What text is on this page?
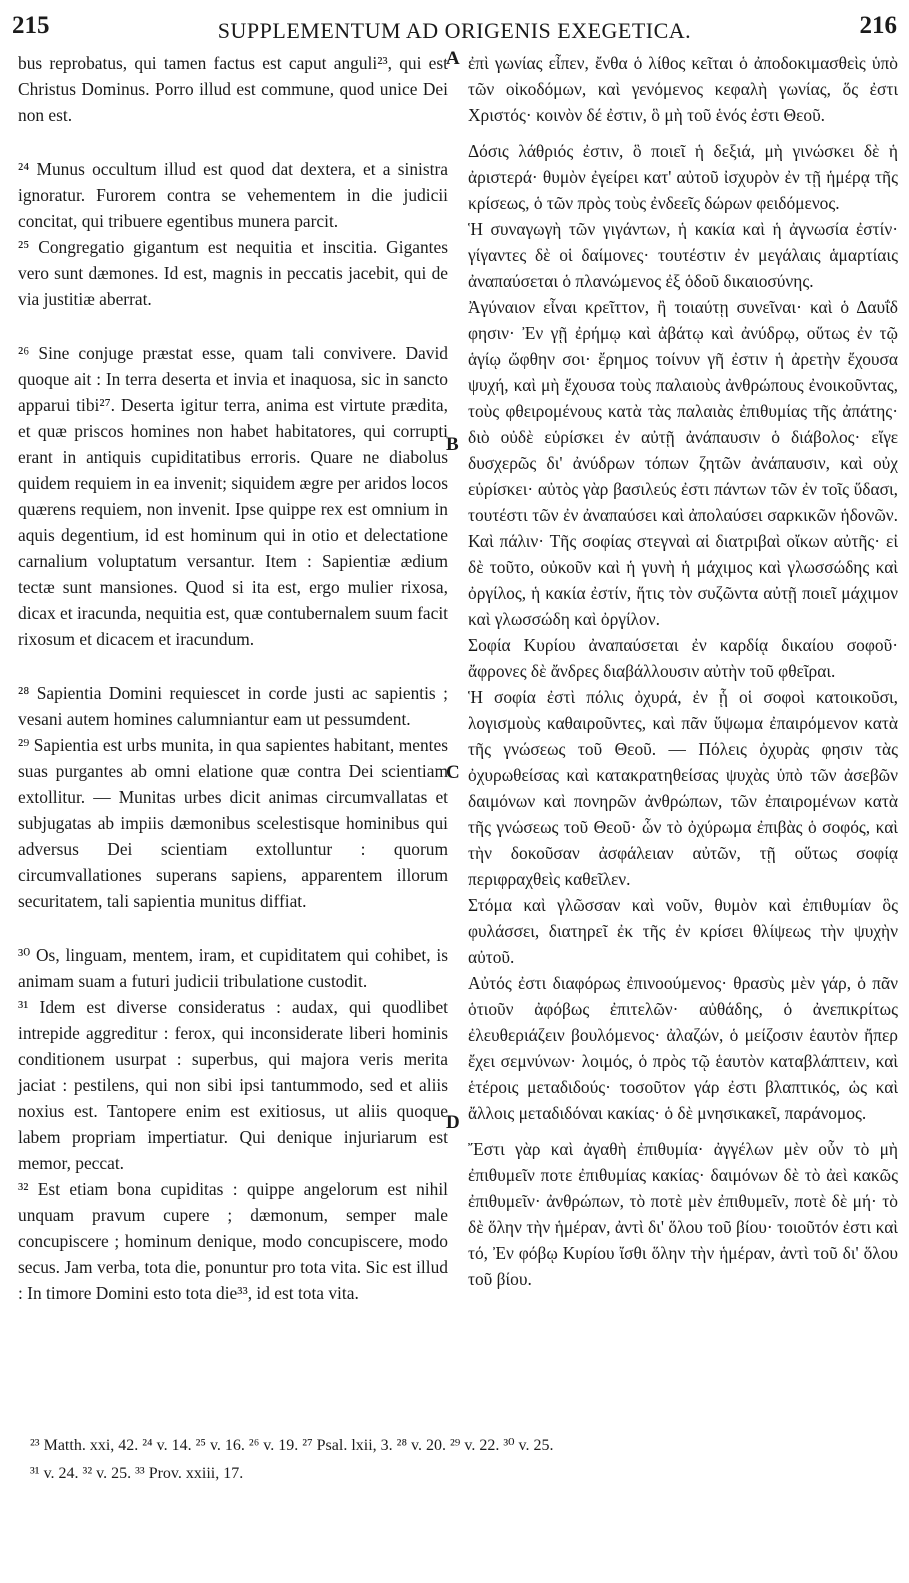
215	SUPPLEMENTUM AD ORIGENIS EXEGETICA.	216

bus reprobatus, qui tamen factus est caput anguli²³, qui est Christus Dominus. Porro illud est commune, quod unice Dei non est.

²⁴ Munus occultum illud est quod dat dextera, et a sinistra ignoratur. Furorem contra se vehementem in die judicii concitat, qui tribuere egentibus munera parcit.

²⁵ Congregatio gigantum est nequitia et inscitia. Gigantes vero sunt dæmones. Id est, magnis in peccatis jacebit, qui de via justitiæ aberrat.

²⁶ Sine conjuge præstat esse, quam tali convivere. David quoque ait : In terra deserta et invia et inaquosa, sic in sancto apparui tibi²⁷. Deserta igitur terra, anima est virtute prædita, et quæ priscos homines non habet habitatores, qui corrupti erant in antiquis cupiditatibus erroris. Quare ne diabolus quidem requiem in ea invenit; siquidem ægre per aridos locos quærens requiem, non invenit. Ipse quippe rex est omnium in aquis degentium, id est hominum qui in otio et delectatione carnalium voluptatum versantur. Item : Sapientiæ ædium tectæ sunt mansiones. Quod si ita est, ergo mulier rixosa, dicax et iracunda, nequitia est, quæ contubernalem suum facit rixosum et dicacem et iracundum.

²⁸ Sapientia Domini requiescet in corde justi ac sapientis ; vesani autem homines calumniantur eam ut pessumdent.

²⁹ Sapientia est urbs munita, in qua sapientes habitant, mentes suas purgantes ab omni elatione quæ contra Dei scientiam extollitur. — Munitas urbes dicit animas circumvallatas et subjugatas ab impiis dæmonibus scelestisque hominibus qui adversus Dei scientiam extolluntur : quorum circumvallationes superans sapiens, apparentem illorum securitatem, tali sapientia munitus diffiat.

³⁰ Os, linguam, mentem, iram, et cupiditatem qui cohibet, is animam suam a futuri judicii tribulatione custodit.

³¹ Idem est diverse consideratus : audax, qui quodlibet intrepide aggreditur : ferox, qui inconsiderate liberi hominis conditionem usurpat : superbus, qui majora veris merita jaciat : pestilens, qui non sibi ipsi tantummodo, sed et aliis noxius est. Tantopere enim est exitiosus, ut aliis quoque labem propriam impertiatur. Qui denique injuriarum est memor, peccat.

³² Est etiam bona cupiditas : quippe angelorum est nihil unquam pravum cupere ; dæmonum, semper male concupiscere ; hominum denique, modo concupiscere, modo secus. Jam verba, tota die, ponuntur pro tota vita. Sic est illud : In timore Domini esto tota die³³, id est tota vita.

ἐπὶ γωνίας εἶπεν, ἔνθα ὁ λίθος κεῖται ὁ ἀποδοκιμασθεὶς ὑπὸ τῶν οἰκοδόμων, καὶ γενόμενος κεφαλὴ γωνίας, ὅς ἐστι Χριστός· κοινὸν δέ ἐστιν, ὃ μὴ τοῦ ἑνός ἐστι Θεοῦ.

Δόσις λάθριός ἐστιν, ὃ ποιεῖ ἡ δεξιά, μὴ γινώσκει δὲ ἡ ἀριστερά· θυμὸν ἐγείρει κατ' αὐτοῦ ἰσχυρὸν ἐν τῇ ἡμέρᾳ τῆς κρίσεως, ὁ τῶν πρὸς τοὺς ἐνδεεῖς δώρων φειδόμενος.

Ἡ συναγωγὴ τῶν γιγάντων, ἡ κακία καὶ ἡ ἀγνωσία ἐστίν· γίγαντες δὲ οἱ δαίμονες· τουτέστιν ἐν μεγάλαις ἁμαρτίαις ἀναπαύσεται ὁ πλανώμενος ἐξ ὁδοῦ δικαιοσύνης.

Ἀγύναιον εἶναι κρεῖττον, ἢ τοιαύτῃ συνεῖναι· καὶ ὁ Δαυΐδ φησιν· Ἐν γῇ ἐρήμῳ καὶ ἀβάτῳ καὶ ἀνύδρῳ, οὕτως ἐν τῷ ἁγίῳ ὤφθην σοι· ἔρημος τοίνυν γῆ ἐστιν ἡ ἀρετὴν ἔχουσα ψυχή, καὶ μὴ ἔχουσα τοὺς παλαιοὺς ἀνθρώπους ἐνοικοῦντας, τοὺς φθειρομένους κατὰ τὰς παλαιὰς ἐπιθυμίας τῆς ἀπάτης· διὸ οὐδὲ εὑρίσκει ἐν αὐτῇ ἀνάπαυσιν ὁ διάβολος· εἴγε δυσχερῶς δι' ἀνύδρων τόπων ζητῶν ἀνάπαυσιν, καὶ οὐχ εὑρίσκει· αὐτὸς γὰρ βασιλεύς ἐστι πάντων τῶν ἐν τοῖς ὕδασι, τουτέστι τῶν ἐν ἀναπαύσει καὶ ἀπολαύσει σαρκικῶν ἡδονῶν. Καὶ πάλιν· Τῆς σοφίας στεγναὶ αἱ διατριβαὶ οἴκων αὐτῆς· εἰ δὲ τοῦτο, οὐκοῦν καὶ ἡ γυνὴ ἡ μάχιμος καὶ γλωσσώδης καὶ ὀργίλος, ἡ κακία ἐστίν, ἥτις τὸν συζῶντα αὐτῇ ποιεῖ μάχιμον καὶ γλωσσώδη καὶ ὀργίλον.

Σοφία Κυρίου ἀναπαύσεται ἐν καρδίᾳ δικαίου σοφοῦ· ἄφρονες δὲ ἄνδρες διαβάλλουσιν αὐτὴν τοῦ φθεῖραι.

Ἡ σοφία ἐστὶ πόλις ὀχυρά, ἐν ᾗ οἱ σοφοὶ κατοικοῦσι, λογισμοὺς καθαιροῦντες, καὶ πᾶν ὕψωμα ἐπαιρόμενον κατὰ τῆς γνώσεως τοῦ Θεοῦ. — Πόλεις ὀχυρὰς φησιν τὰς ὀχυρωθείσας καὶ κατακρατηθείσας ψυχὰς ὑπὸ τῶν ἀσεβῶν δαιμόνων καὶ πονηρῶν ἀνθρώπων, τῶν ἐπαιρομένων κατὰ τῆς γνώσεως τοῦ Θεοῦ· ὧν τὸ ὀχύρωμα ἐπιβὰς ὁ σοφός, καὶ τὴν δοκοῦσαν ἀσφάλειαν αὐτῶν, τῇ οὕτως σοφίᾳ περιφραχθεὶς καθεῖλεν.

Στόμα καὶ γλῶσσαν καὶ νοῦν, θυμὸν καὶ ἐπιθυμίαν ὃς φυλάσσει, διατηρεῖ ἐκ τῆς ἐν κρίσει θλίψεως τὴν ψυχὴν αὐτοῦ.

Αὐτός ἐστι διαφόρως ἐπινοούμενος· θρασὺς μὲν γάρ, ὁ πᾶν ὁτιοῦν ἀφόβως ἐπιτελῶν· αὐθάδης, ὁ ἀνεπικρίτως ἐλευθεριάζειν βουλόμενος· ἀλαζών, ὁ μείζοσιν ἑαυτὸν ἤπερ ἔχει σεμνύνων· λοιμός, ὁ πρὸς τῷ ἑαυτὸν καταβλάπτειν, καὶ ἑτέροις μεταδιδούς· τοσοῦτον γάρ ἐστι βλαπτικός, ὡς καὶ ἄλλοις μεταδιδόναι κακίας· ὁ δὲ μνησικακεῖ, παράνομος.

Ἔστι γὰρ καὶ ἀγαθὴ ἐπιθυμία· ἀγγέλων μὲν οὖν τὸ μὴ ἐπιθυμεῖν ποτε ἐπιθυμίας κακίας· δαιμόνων δὲ τὸ ἀεὶ κακῶς ἐπιθυμεῖν· ἀνθρώπων, τὸ ποτὲ μὲν ἐπιθυμεῖν, ποτὲ δὲ μή· τὸ δὲ ὅλην τὴν ἡμέραν, ἀντὶ δι' ὅλου τοῦ βίου· τοιοῦτόν ἐστι καὶ τό, Ἐν φόβῳ Κυρίου ἴσθι ὅλην τὴν ἡμέραν, ἀντὶ τοῦ δι' ὅλου τοῦ βίου.

A
B
C
D
²³ Matth. xxi, 42. ²⁴ v. 14. ²⁵ v. 16. ²⁶ v. 19. ²⁷ Psal. lxii, 3. ²⁸ v. 20. ²⁹ v. 22. ³⁰ v. 25.
³¹ v. 24. ³² v. 25. ³³ Prov. xxiii, 17.
